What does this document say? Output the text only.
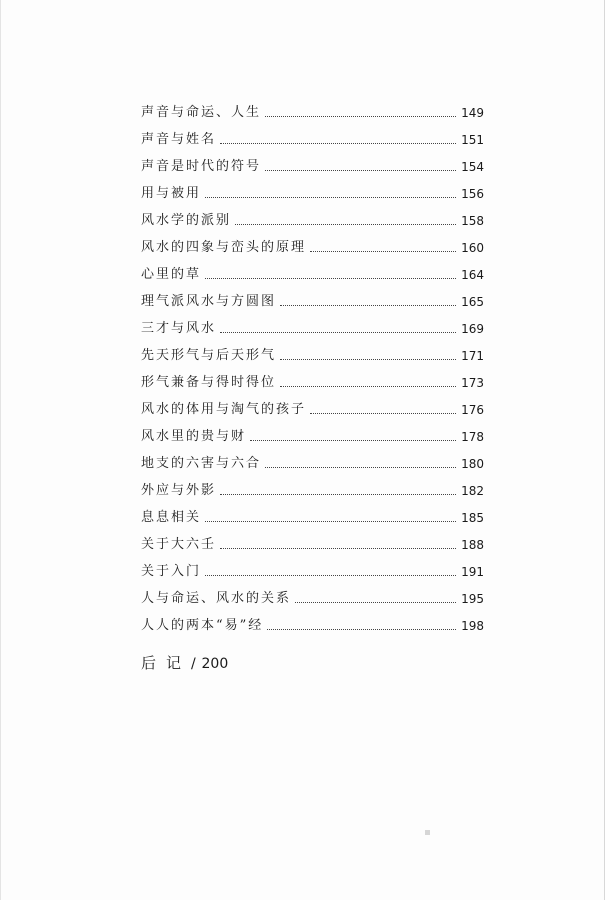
声音与命运、人生	149
声音与姓名	151
声音是时代的符号	154
用与被用	156
风水学的派别	158
风水的四象与峦头的原理	160
心里的草	164
理气派风水与方圆图	165
三才与风水	169
先天形气与后天形气	171
形气兼备与得时得位	173
风水的体用与淘气的孩子	176
风水里的贵与财	178
地支的六害与六合	180
外应与外影	182
息息相关	185
关于大六壬	188
关于入门	191
人与命运、风水的关系	195
人人的两本“易”经	198
后记/ 200
